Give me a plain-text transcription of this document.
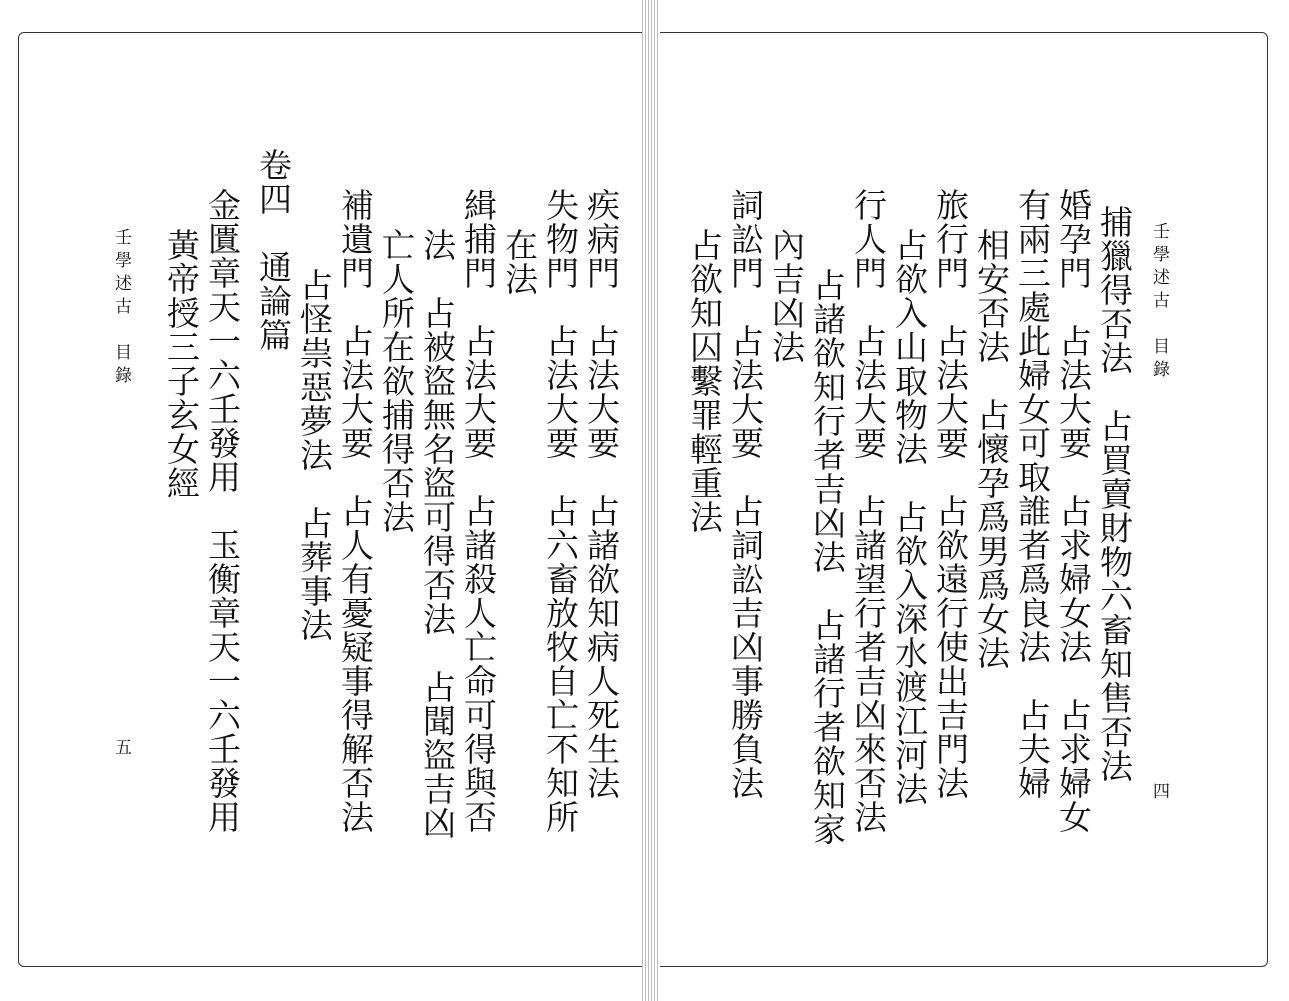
壬學述古　目錄
四
捕獵得否法　占買賣財物六畜知售否法
婚孕門　占法大要　占求婦女法　占求婦女
有兩三處此婦女可取誰者爲良法　占夫婦
相安否法　占懷孕爲男爲女法
旅行門　占法大要　占欲遠行使出吉門法
占欲入山取物法　占欲入深水渡江河法
行人門　占法大要　占諸望行者吉凶來否法
占諸欲知行者吉凶法　占諸行者欲知家
內吉凶法
詞訟門　占法大要　占詞訟吉凶事勝負法
占欲知囚繫罪輕重法
壬學述古　目錄
五	疾病門　占法大要　占諸欲知病人死生法
失物門　占法大要　占六畜放牧自亡不知所
在法
緝捕門　占法大要　占諸殺人亡命可得與否
法　占被盜無名盜可得否法　占聞盜吉凶
亡人所在欲捕得否法
補遺門　占法大要　占人有憂疑事得解否法
占怪祟惡夢法　占葬事法
卷四　通論篇
金匱章天一六壬發用　玉衡章天一六壬發用
黃帝授三子玄女經
